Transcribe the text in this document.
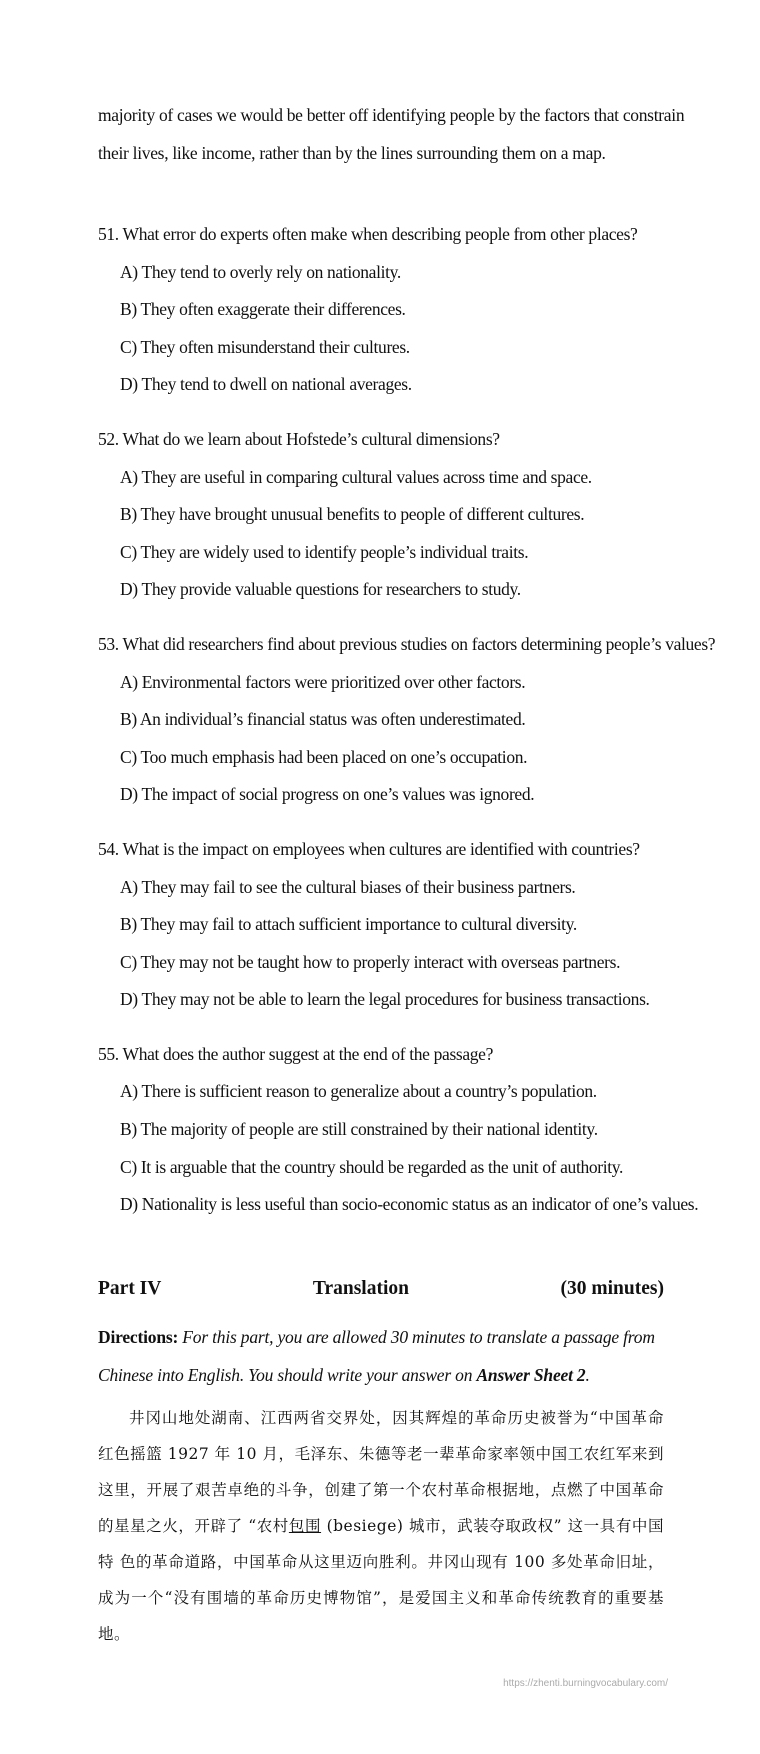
majority of cases we would be better off identifying people by the factors that constrain
their lives, like income, rather than by the lines surrounding them on a map.
51. What error do experts often make when describing people from other places?
A) They tend to overly rely on nationality.
B) They often exaggerate their differences.
C) They often misunderstand their cultures.
D) They tend to dwell on national averages.
52. What do we learn about Hofstede’s cultural dimensions?
A) They are useful in comparing cultural values across time and space.
B) They have brought unusual benefits to people of different cultures.
C) They are widely used to identify people’s individual traits.
D) They provide valuable questions for researchers to study.
53. What did researchers find about previous studies on factors determining people’s values?
A) Environmental factors were prioritized over other factors.
B) An individual’s financial status was often underestimated.
C) Too much emphasis had been placed on one’s occupation.
D) The impact of social progress on one’s values was ignored.
54. What is the impact on employees when cultures are identified with countries?
A) They may fail to see the cultural biases of their business partners.
B) They may fail to attach sufficient importance to cultural diversity.
C) They may not be taught how to properly interact with overseas partners.
D) They may not be able to learn the legal procedures for business transactions.
55. What does the author suggest at the end of the passage?
A) There is sufficient reason to generalize about a country’s population.
B) The majority of people are still constrained by their national identity.
C) It is arguable that the country should be regarded as the unit of authority.
D) Nationality is less useful than socio-economic status as an indicator of one’s values.
Part IV	Translation	(30 minutes)
Directions: For this part, you are allowed 30 minutes to translate a passage from Chinese into English. You should write your answer on Answer Sheet 2.
井冈山地处湖南、江西两省交界处，因其辉煌的革命历史被誉为“中国革命红色摇篮 1927 年 10 月，毛泽东、朱德等老一辈革命家率领中国工农红军来到这里，开展了艰苦卓绝的斗争，创建了第一个农村革命根据地，点燃了中国革命的星星之火，开辟了 “农村包围 (besiege) 城市，武装夺取政权” 这一具有中国特 色的革命道路，中国革命从这里迈向胜利。井冈山现有 100 多处革命旧址，成为一个“没有围墙的革命历史博物馆”，是爱国主义和革命传统教育的重要基地。
https://zhenti.burningvocabulary.com/
